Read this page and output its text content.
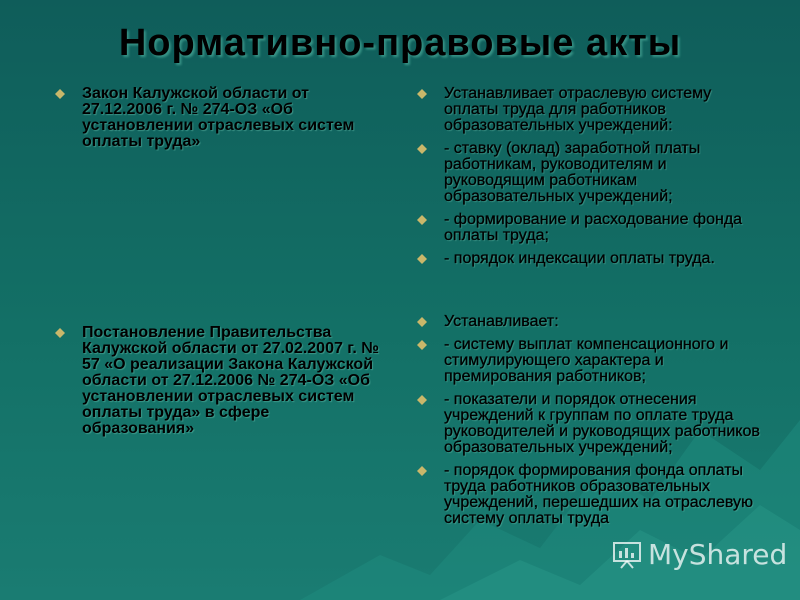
Нормативно-правовые акты
Закон Калужской области от 27.12.2006 г. № 274-ОЗ «Об установлении отраслевых систем оплаты труда»
Постановление Правительства Калужской области от 27.02.2007 г. № 57 «О реализации Закона Калужской области от 27.12.2006 № 274-ОЗ «Об установлении отраслевых систем оплаты труда» в сфере образования»
Устанавливает отраслевую систему оплаты труда для работников образовательных учреждений:
- ставку (оклад) заработной платы работникам, руководителям и руководящим работникам образовательных учреждений;
- формирование и расходование фонда оплаты труда;
- порядок индексации оплаты труда.
Устанавливает:
- систему выплат компенсационного и стимулирующего характера и премирования работников;
- показатели и порядок отнесения учреждений к группам по оплате труда руководителей и руководящих работников образовательных учреждений;
- порядок формирования фонда оплаты труда работников образовательных учреждений, перешедших на отраслевую систему оплаты труда
MyShared
